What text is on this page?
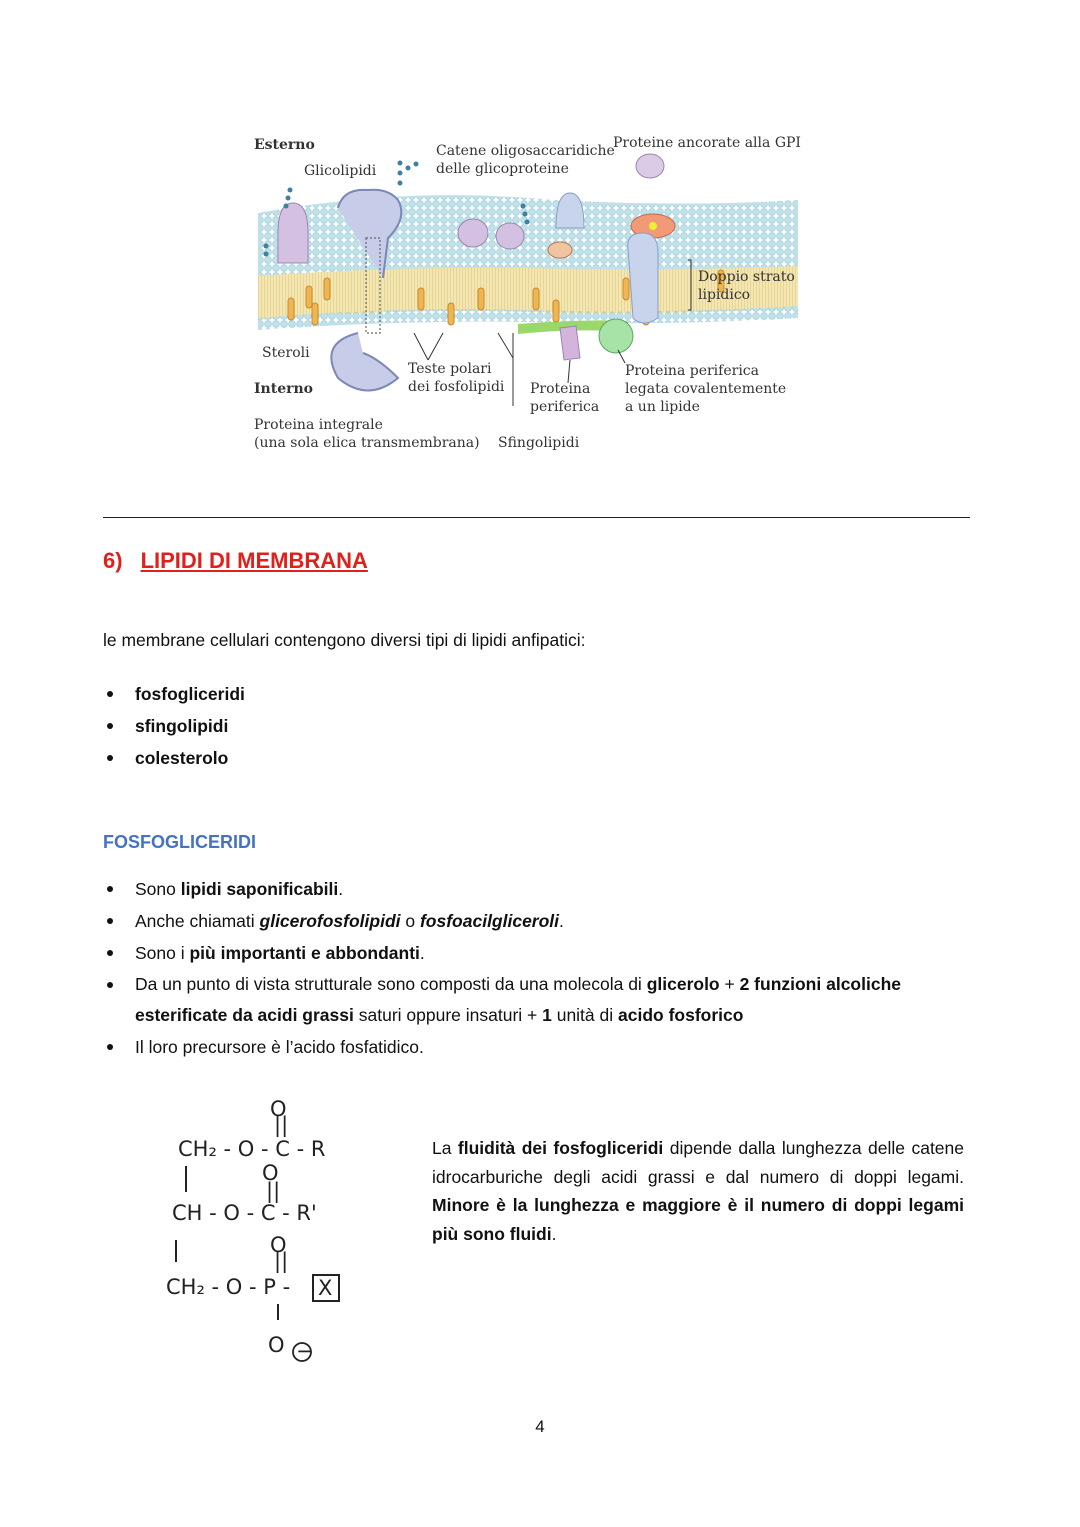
Esterno
Glicolipidi
Catene oligosaccaridiche
delle glicoproteine
Proteine ancorate alla GPI
Doppio strato
lipidico
Steroli
Interno
Teste polari
dei fosfolipidi Proteina
periferica
Proteina periferica
legata covalentemente
a un lipide
Proteina integrale
(una sola elica transmembrana) Sfingolipidi
6) LIPIDI DI MEMBRANA
le membrane cellulari contengono diversi tipi di lipidi anfipatici:
fosfogliceridi
sfingolipidi
colesterolo
FOSFOGLICERIDI
Sono lipidi saponificabili.
Anche chiamati glicerofosfolipidi o fosfoacilgliceroli.
Sono i più importanti e abbondanti.
Da un punto di vista strutturale sono composti da una molecola di glicerolo + 2 funzioni alcoliche esterificate da acidi grassi saturi oppure insaturi + 1 unità di acido fosforico
Il loro precursore è l’acido fosfatidico.
O
||
CH₂ - O - C - R
O
||
CH - O - C - R'
O
||
CH₂ - O - P - X
O −
La fluidità dei fosfogliceridi dipende dalla lunghezza delle catene idrocarburiche degli acidi grassi e dal numero di doppi legami. Minore è la lunghezza e maggiore è il numero di doppi legami più sono fluidi.
4
